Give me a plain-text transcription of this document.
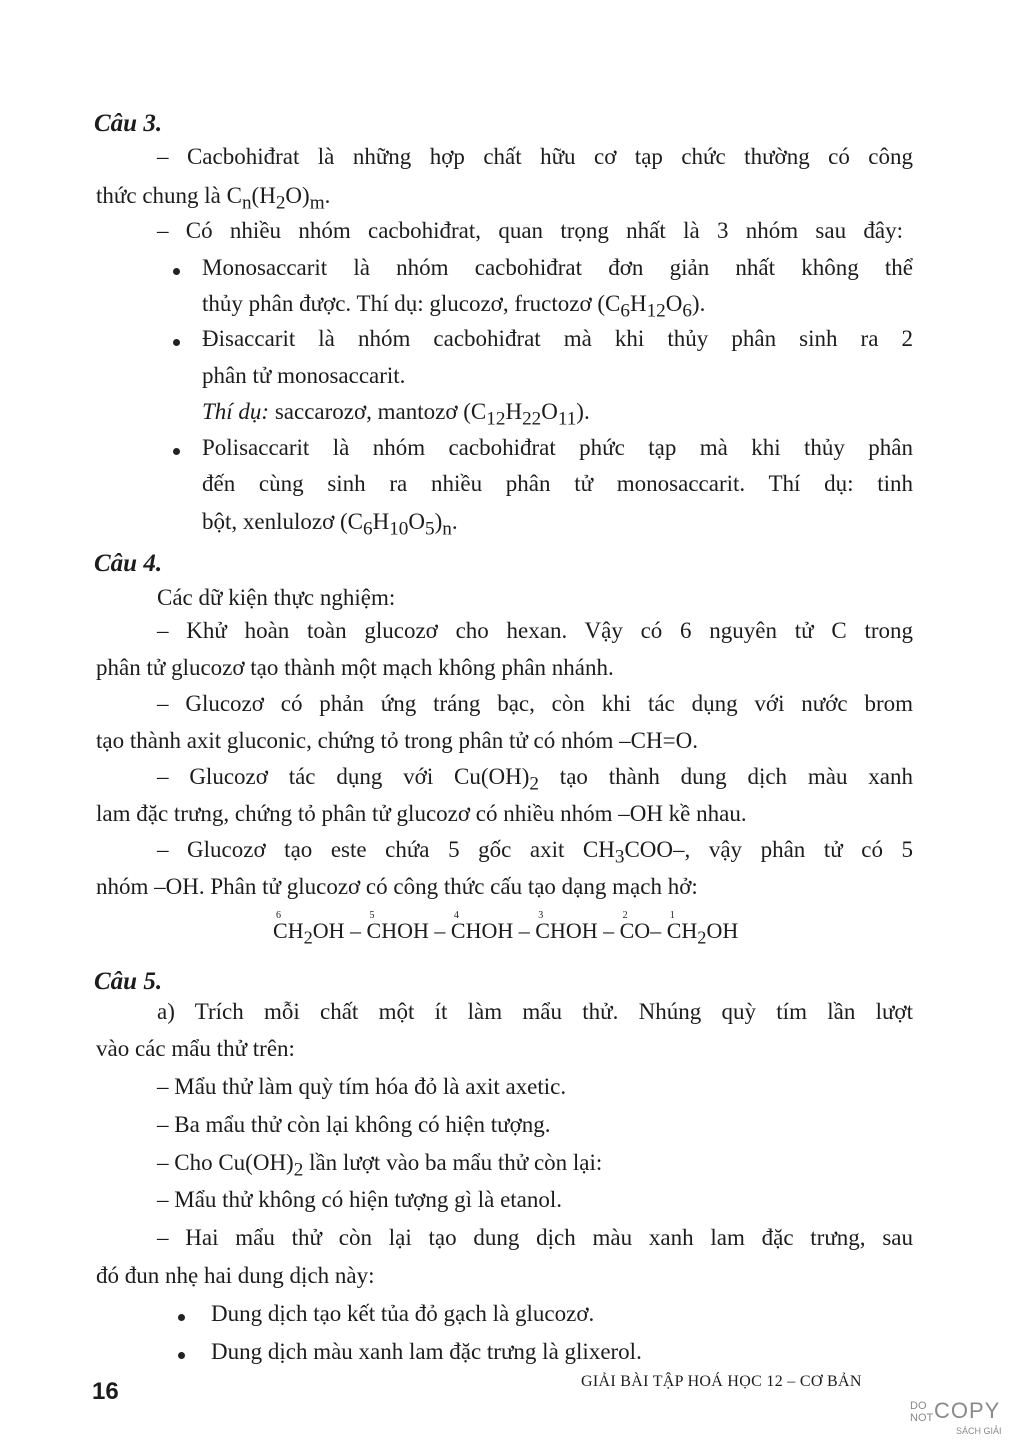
Câu 3.
– Cacbohiđrat là những hợp chất hữu cơ tạp chức thường có công
thức chung là $C_n(H_2O)_m$.
– Có nhiều nhóm cacbohiđrat, quan trọng nhất là 3 nhóm sau đây:
Monosaccarit là nhóm cacbohiđrat đơn giản nhất không thể
thủy phân được. Thí dụ: glucozơ, fructozơ $(C_6H_{12}O_6)$.
Đisaccarit là nhóm cacbohiđrat mà khi thủy phân sinh ra 2
phân tử monosaccarit.
Thí dụ: saccarozơ, mantozơ $(C_{12}H_{22}O_{11})$.
Polisaccarit là nhóm cacbohiđrat phức tạp mà khi thủy phân
đến cùng sinh ra nhiều phân tử monosaccarit. Thí dụ: tinh
bột, xenlulozơ $(C_6H_{10}O_5)_n$.
Câu 4.
Các dữ kiện thực nghiệm:
– Khử hoàn toàn glucozơ cho hexan. Vậy có 6 nguyên tử C trong
phân tử glucozơ tạo thành một mạch không phân nhánh.
– Glucozơ có phản ứng tráng bạc, còn khi tác dụng với nước brom
tạo thành axit gluconic, chứng tỏ trong phân tử có nhóm –CH=O.
– Glucozơ tác dụng với $Cu(OH)_2$ tạo thành dung dịch màu xanh
lam đặc trưng, chứng tỏ phân tử glucozơ có nhiều nhóm –OH kề nhau.
– Glucozơ tạo este chứa 5 gốc axit $CH_3COO-$, vậy phân tử có 5
nhóm –OH. Phân tử glucozơ có công thức cấu tạo dạng mạch hở:
6
$CH_2OH$ –
5
CHOH –
4
CHOH –
3
CHOH –
2
CO–
1
$CH_2OH$
Câu 5.
a) Trích mỗi chất một ít làm mẩu thử. Nhúng quỳ tím lần lượt
vào các mẩu thử trên:
– Mẩu thử làm quỳ tím hóa đỏ là axit axetic.
– Ba mẩu thử còn lại không có hiện tượng.
– Cho $Cu(OH)_2$ lần lượt vào ba mẩu thử còn lại:
– Mẩu thử không có hiện tượng gì là etanol.
– Hai mẩu thử còn lại tạo dung dịch màu xanh lam đặc trưng, sau
đó đun nhẹ hai dung dịch này:
Dung dịch tạo kết tủa đỏ gạch là glucozơ.
Dung dịch màu xanh lam đặc trưng là glixerol.
16	GIẢI BÀI TẬP HOÁ HỌC 12 – CƠ BẢN
DO
NOT COPY
SÁCH GIẢI
